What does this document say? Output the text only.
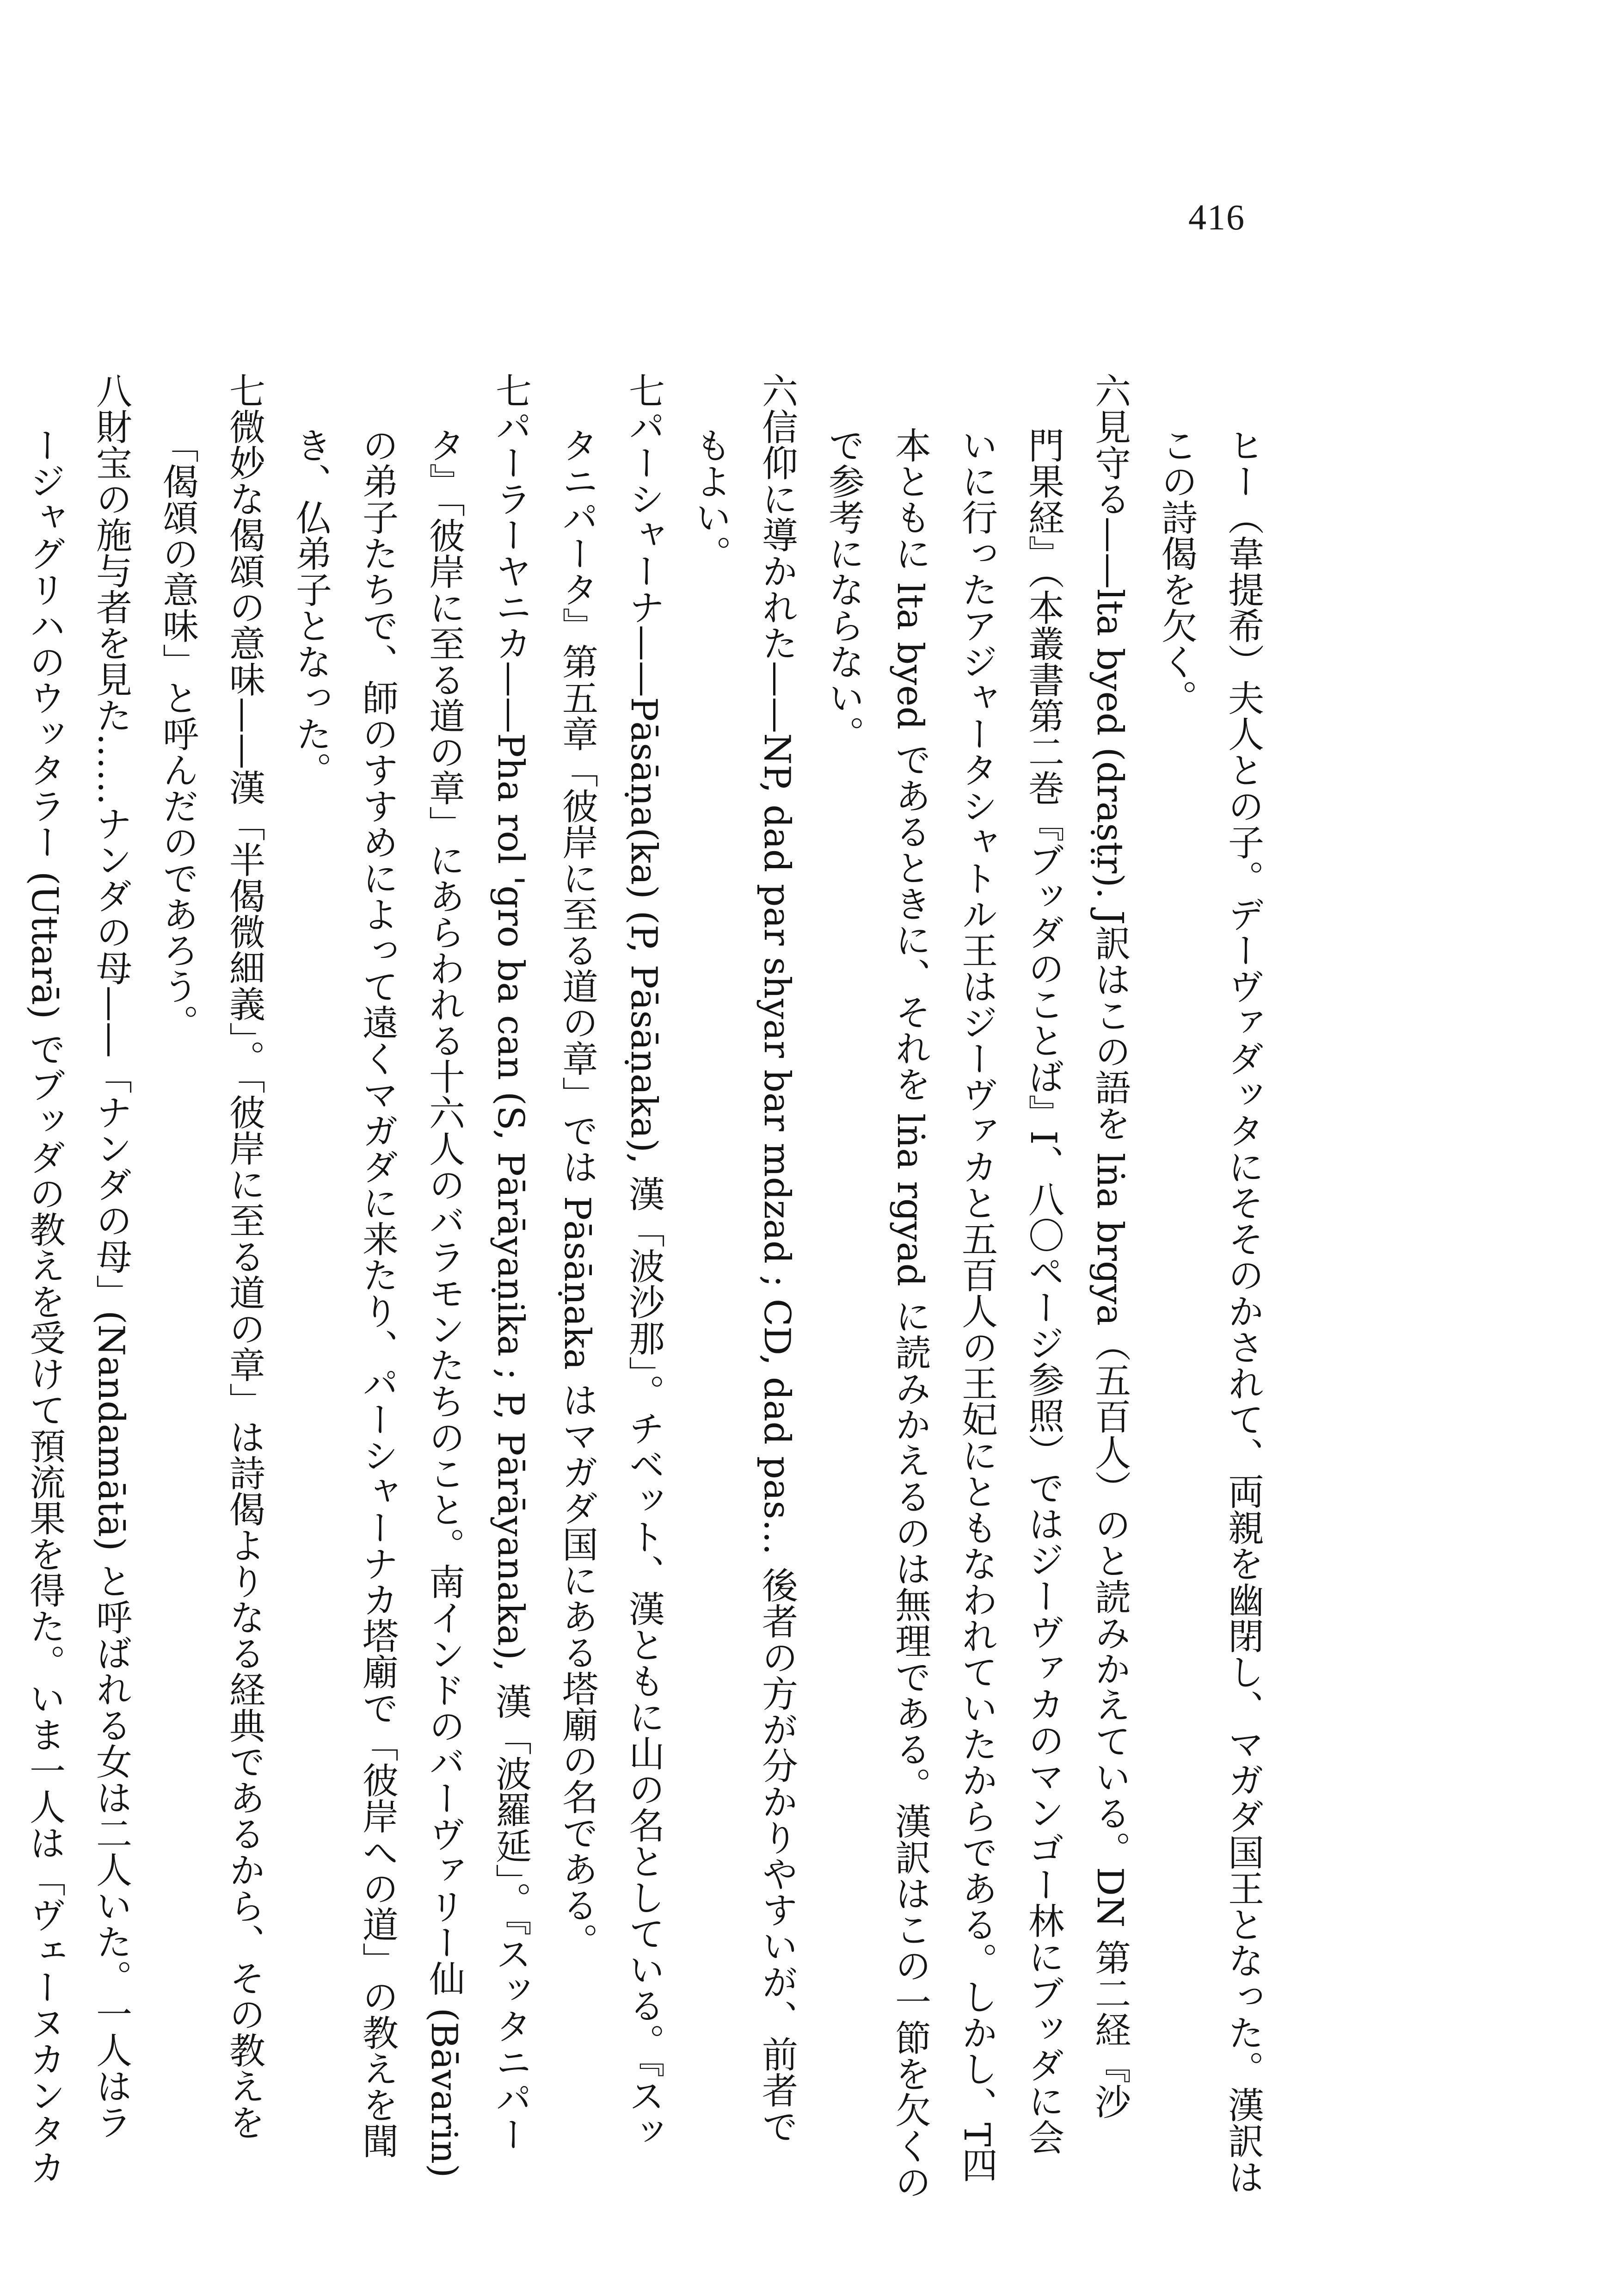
416
ヒー（韋提希）夫人との子。デーヴァダッタにそそのかされて、両親を幽閉し、マガダ国王となった。漢訳は
この詩偈を欠く。
六見守る——lta byed (draṣṭṛ). J訳はこの語を lṅa brgya（五百人）のと読みかえている。DN 第二経『沙
門果経』（本叢書第二巻『ブッダのことば』I、八〇ページ参照）ではジーヴァカのマンゴー林にブッダに会
いに行ったアジャータシャトル王はジーヴァカと五百人の王妃にともなわれていたからである。しかし、T四
本ともに lta byed であるときに、それを lṅa rgyad に読みかえるのは無理である。漢訳はこの一節を欠くの
で参考にならない。
六信仰に導かれた——NP, dad par shyar bar mdzad ; CD, dad pas… 後者の方が分かりやすいが、前者で
もよい。
七パーシャーナ——Pāsāṇa(ka) (P, Pāsāṇaka), 漢「波沙那」。チベット、漢ともに山の名としている。『スッ
タニパータ』第五章「彼岸に至る道の章」では Pāsāṇaka はマガダ国にある塔廟の名である。
七パーラーヤニカ——Pha rol 'gro ba can (S, Pārāyaṇika ; P, Pārāyanaka), 漢「波羅延」。『スッタニパー
タ』「彼岸に至る道の章」にあらわれる十六人のバラモンたちのこと。南インドのバーヴァリー仙 (Bāvarin)
の弟子たちで、師のすすめによって遠くマガダに来たり、パーシャーナカ塔廟で「彼岸への道」の教えを聞
き、仏弟子となった。
七微妙な偈頌の意味——漢「半偈微細義」。「彼岸に至る道の章」は詩偈よりなる経典であるから、その教えを
「偈頌の意味」と呼んだのであろう。
八財宝の施与者を見た……ナンダの母——「ナンダの母」(Nandamātā) と呼ばれる女は二人いた。一人はラ
ージャグリハのウッタラー (Uttarā) でブッダの教えを受けて預流果を得た。いま一人は「ヴェーヌカンタカ
